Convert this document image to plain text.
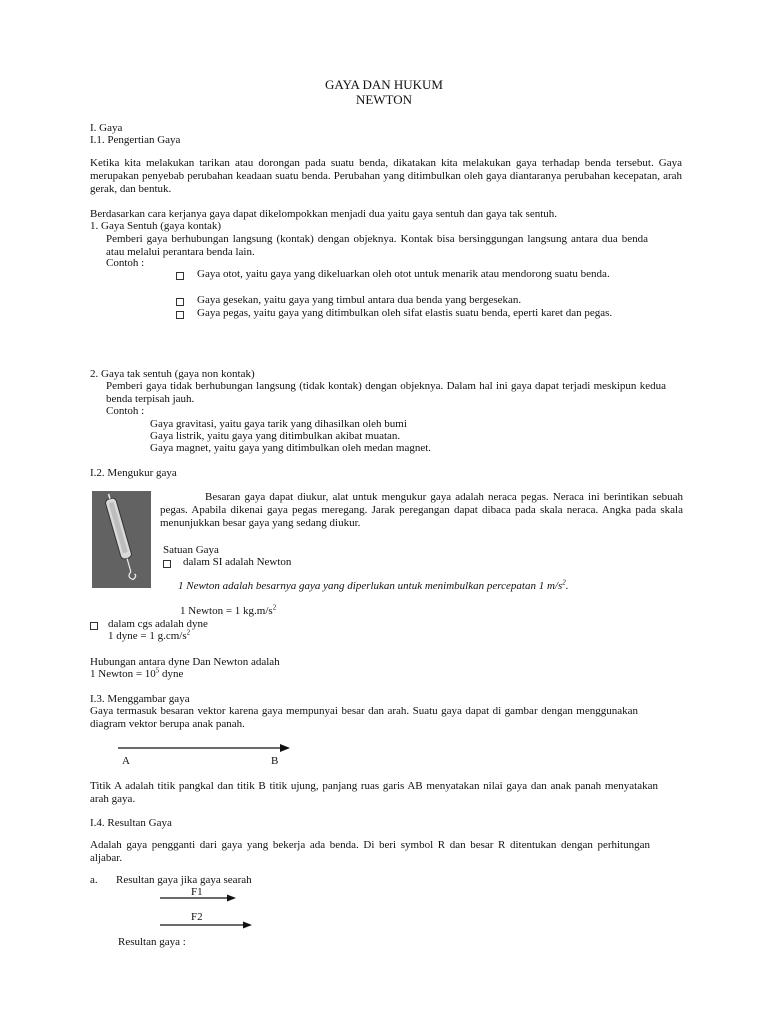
GAYA DAN HUKUM
NEWTON
I. Gaya
I.1. Pengertian Gaya
Ketika kita melakukan tarikan atau dorongan pada suatu benda, dikatakan kita melakukan gaya terhadap benda tersebut. Gaya merupakan penyebab perubahan keadaan suatu benda. Perubahan yang ditimbulkan oleh gaya diantaranya perubahan kecepatan, arah gerak, dan bentuk.
Berdasarkan cara kerjanya gaya dapat dikelompokkan menjadi dua yaitu gaya sentuh dan gaya tak sentuh.
1. Gaya Sentuh (gaya kontak)
Pemberi gaya berhubungan langsung (kontak) dengan objeknya. Kontak bisa bersinggungan langsung antara dua benda atau melalui perantara benda lain.
Contoh :
Gaya otot, yaitu gaya yang dikeluarkan oleh otot untuk menarik atau mendorong suatu benda.
Gaya gesekan, yaitu gaya yang timbul antara dua benda yang bergesekan.
Gaya pegas, yaitu gaya yang ditimbulkan oleh sifat elastis suatu benda, eperti karet dan pegas.
2. Gaya tak sentuh (gaya non kontak)
Pemberi gaya tidak berhubungan langsung (tidak kontak) dengan objeknya. Dalam hal ini gaya dapat terjadi meskipun kedua benda terpisah jauh.
Contoh :
Gaya gravitasi, yaitu gaya tarik yang dihasilkan oleh bumi
Gaya listrik, yaitu gaya yang ditimbulkan akibat muatan.
Gaya magnet, yaitu gaya yang ditimbulkan oleh medan magnet.
I.2. Mengukur gaya
Besaran gaya dapat diukur, alat untuk mengukur gaya adalah neraca pegas. Neraca ini berintikan sebuah pegas. Apabila dikenai gaya pegas meregang. Jarak peregangan dapat dibaca pada skala neraca. Angka pada skala menunjukkan besar gaya yang sedang diukur.
Satuan Gaya
dalam SI adalah Newton
1 Newton adalah besarnya gaya yang diperlukan untuk menimbulkan percepatan 1 $m/s^2$.
1 Newton = 1 $kg.m/s^2$
dalam cgs adalah dyne
1 dyne = 1 $g.cm/s^2$
Hubungan antara dyne Dan Newton adalah
1 Newton = $10^5$ dyne
I.3. Menggambar gaya
Gaya termasuk besaran vektor karena gaya mempunyai besar dan arah. Suatu gaya dapat di gambar dengan menggunakan diagram vektor berupa anak panah.
A	B
Titik A adalah titik pangkal dan titik B titik ujung, panjang ruas garis AB menyatakan nilai gaya dan anak panah menyatakan arah gaya.
I.4. Resultan Gaya
Adalah gaya pengganti dari gaya yang bekerja ada benda. Di beri symbol R dan besar R ditentukan dengan perhitungan aljabar.
a. Resultan gaya jika gaya searah
F1
F2
Resultan gaya :
